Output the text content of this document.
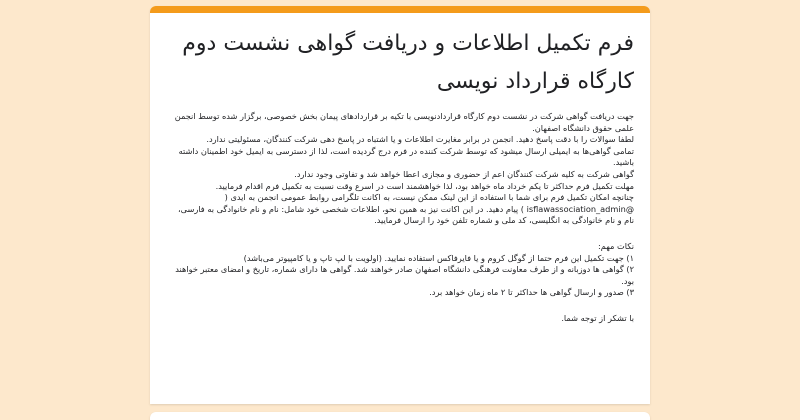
فرم تکمیل اطلاعات و دریافت گواهی نشست دوم کارگاه قرارداد نویسی
جهت دریافت گواهی شرکت در نشست دوم کارگاه قراردادنویسی با تکیه بر قراردادهای پیمان بخش خصوصی، برگزار شده توسط انجمن علمی حقوق دانشگاه اصفهان.
لطفا سوالات را با دقت پاسخ دهید. انجمن در برابر مغایرت اطلاعات و یا اشتباه در پاسخ دهی شرکت کنندگان، مسئولیتی ندارد.
تمامی گواهی‌ها به ایمیلی ارسال میشود که توسط شرکت کننده در فرم درج گردیده است، لذا از دسترسی به ایمیل خود اطمینان داشته باشید.
گواهی شرکت به کلیه شرکت کنندگان اعم از حضوری و مجازی اعطا خواهد شد و تفاوتی وجود ندارد.
مهلت تکمیل فرم حداکثر تا یکم خرداد ماه خواهد بود، لذا خواهشمند است در اسرع وقت نسبت به تکمیل فرم اقدام فرمایید.
چنانچه امکان تکمیل فرم برای شما با استفاده از این لینک ممکن نیست، به اکانت تلگرامی روابط عمومی انجمن به ایدی (
@isflawassociation_admin ) پیام دهید. در این اکانت نیز به همین نحو، اطلاعات شخصی خود شامل: نام و نام خانوادگی به فارسی، نام و نام خانوادگی به انگلیسی، کد ملی و شماره تلفن خود را ارسال فرمایید.
نکات مهم:
۱) جهت تکمیل این فرم حتما از گوگل کروم و یا فایرفاکس استفاده نمایید. (اولویت با لپ تاپ و یا کامپیوتر می‌باشد)
۲) گواهی ها دوزبانه و از طرف معاونت فرهنگی دانشگاه اصفهان صادر خواهند شد. گواهی ها دارای شماره، تاریخ و امضای معتبر خواهند بود.
۳) صدور و ارسال گواهی ها حداکثر تا ۲ ماه زمان خواهد برد.
با تشکر از توجه شما.
